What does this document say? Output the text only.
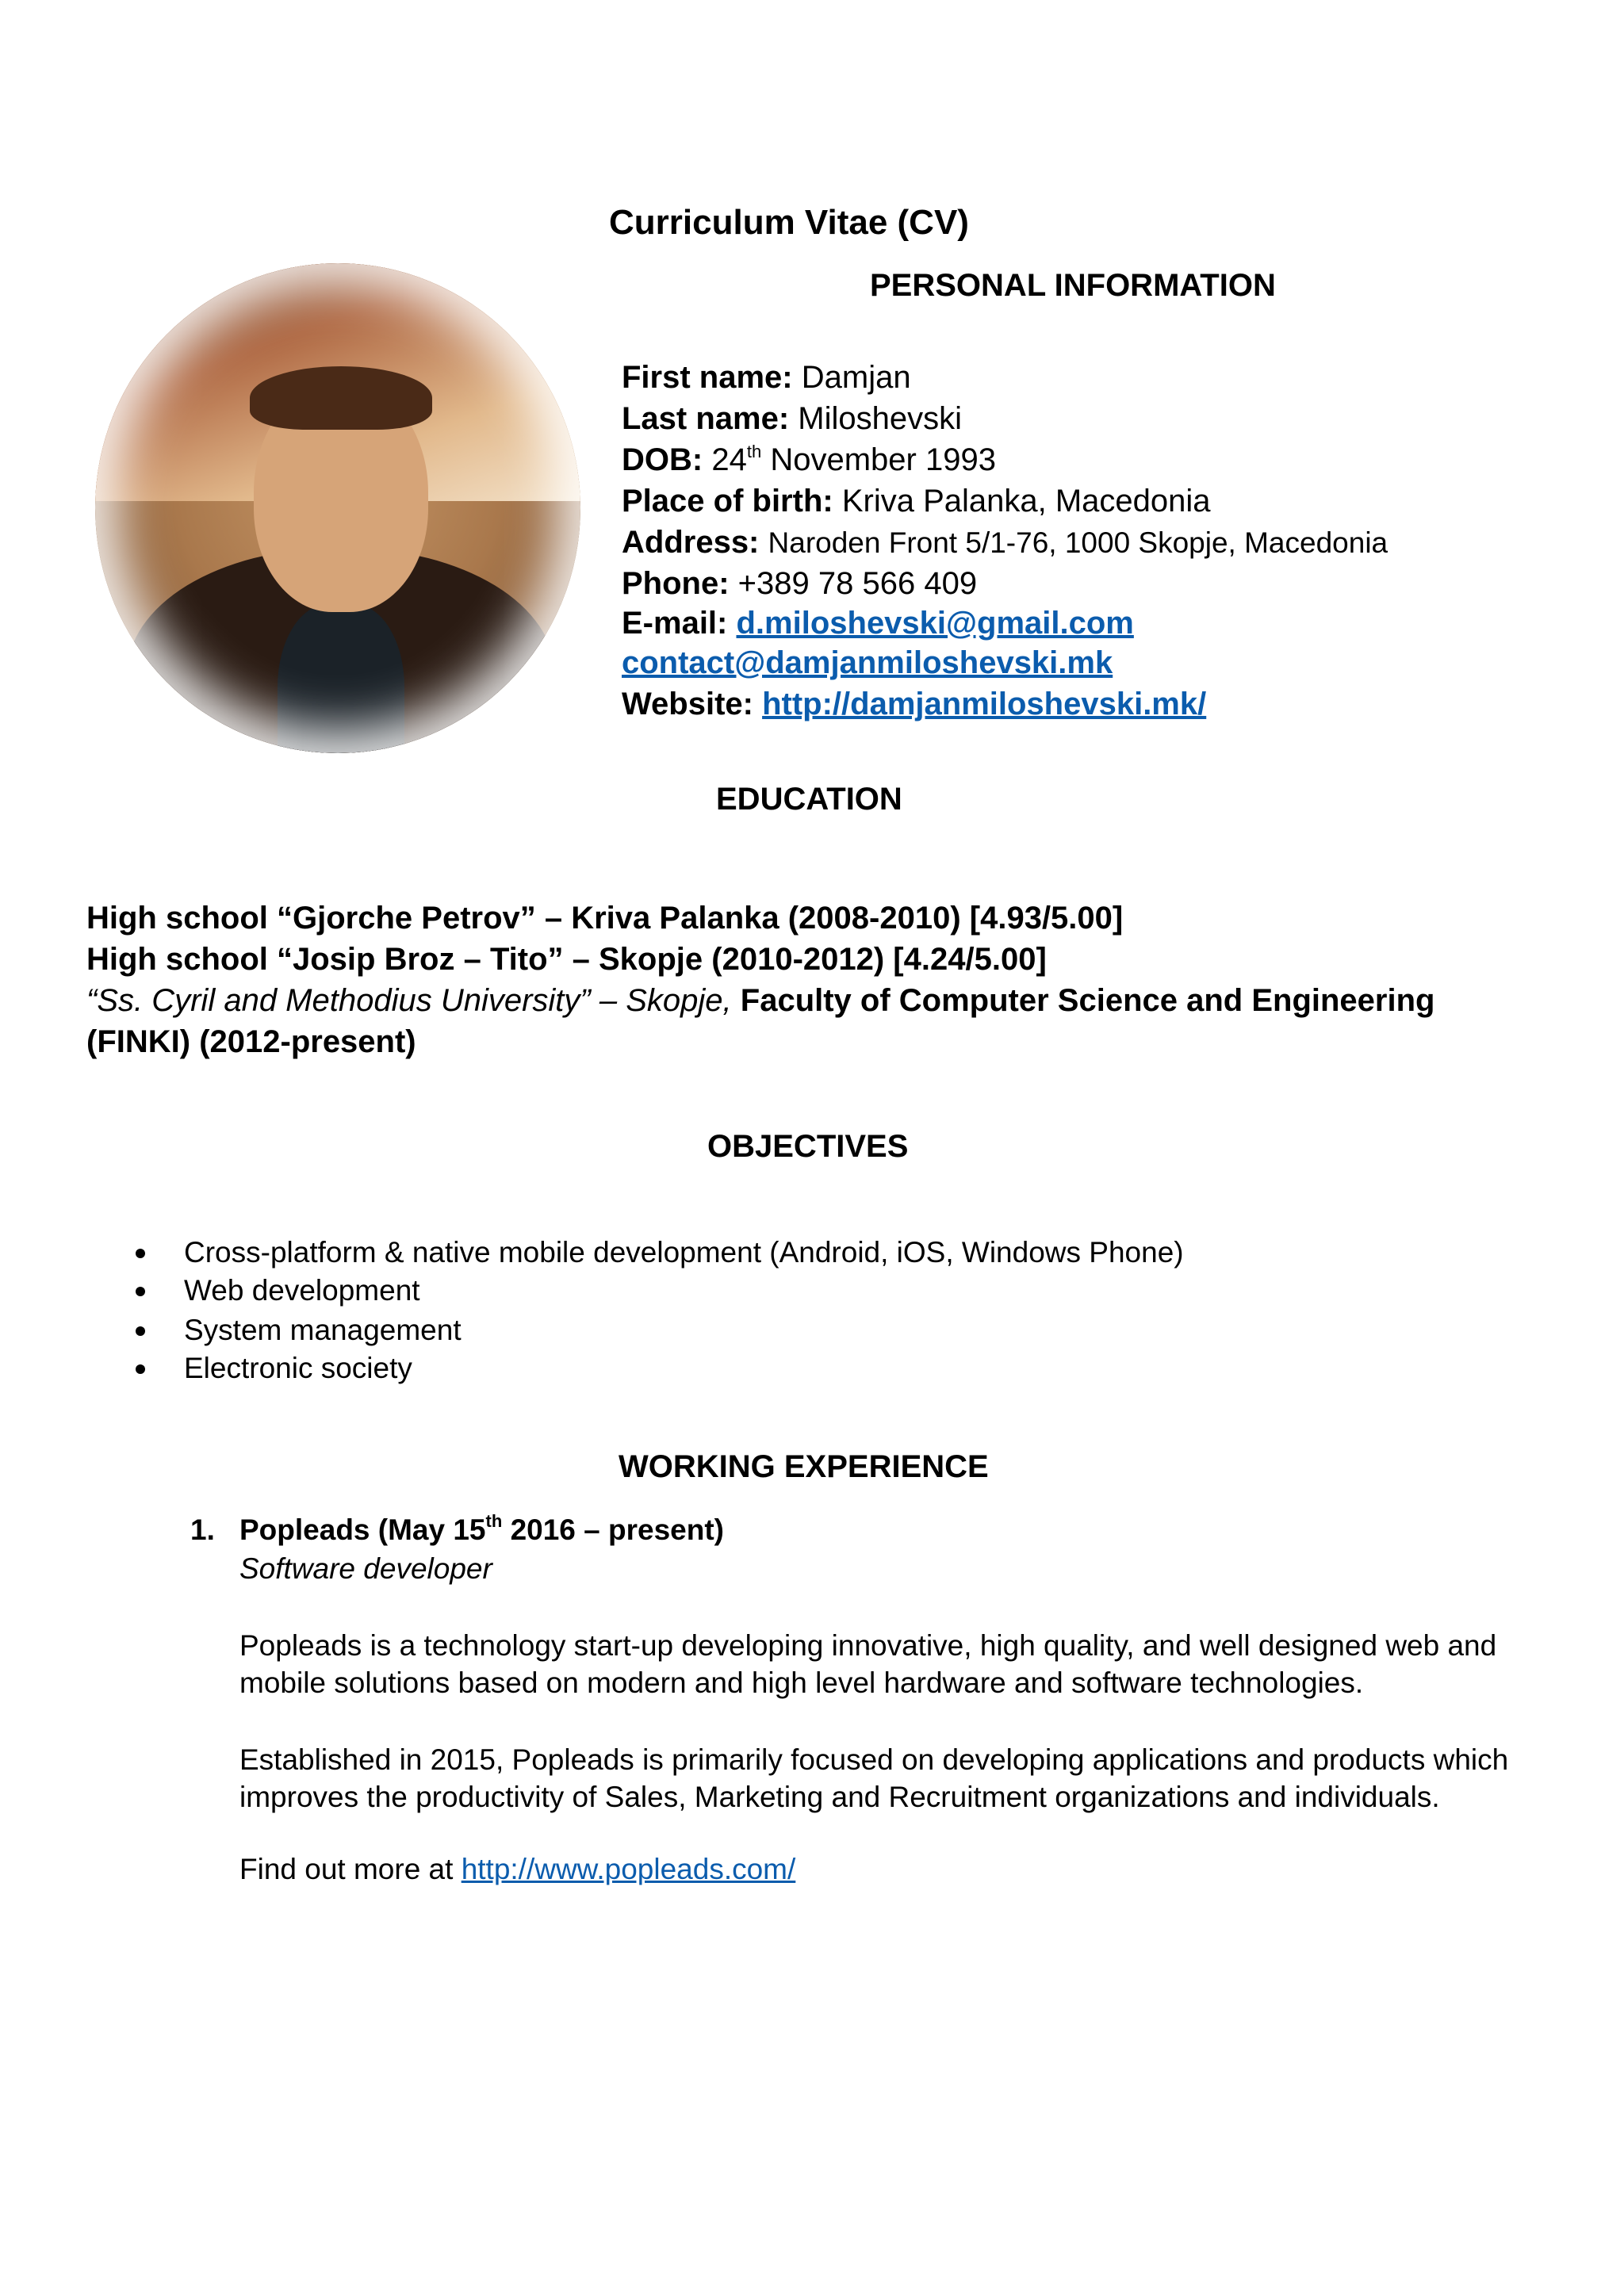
Curriculum Vitae (CV)
PERSONAL INFORMATION
First name: Damjan
Last name: Miloshevski
DOB: 24th November 1993
Place of birth: Kriva Palanka, Macedonia
Address: Naroden Front 5/1-76, 1000 Skopje, Macedonia
Phone: +389 78 566 409
E-mail: d.miloshevski@gmail.com
contact@damjanmiloshevski.mk
Website: http://damjanmiloshevski.mk/
EDUCATION
High school “Gjorche Petrov” – Kriva Palanka (2008-2010) [4.93/5.00]
High school “Josip Broz – Tito” – Skopje (2010-2012) [4.24/5.00]
“Ss. Cyril and Methodius University” – Skopje, Faculty of Computer Science and Engineering
(FINKI) (2012-present)
OBJECTIVES
Cross-platform & native mobile development (Android, iOS, Windows Phone)
Web development
System management
Electronic society
WORKING EXPERIENCE
1. Popleads (May 15th 2016 – present)
Software developer
Popleads is a technology start-up developing innovative, high quality, and well designed web and
mobile solutions based on modern and high level hardware and software technologies.
Established in 2015, Popleads is primarily focused on developing applications and products which
improves the productivity of Sales, Marketing and Recruitment organizations and individuals.
Find out more at http://www.popleads.com/
